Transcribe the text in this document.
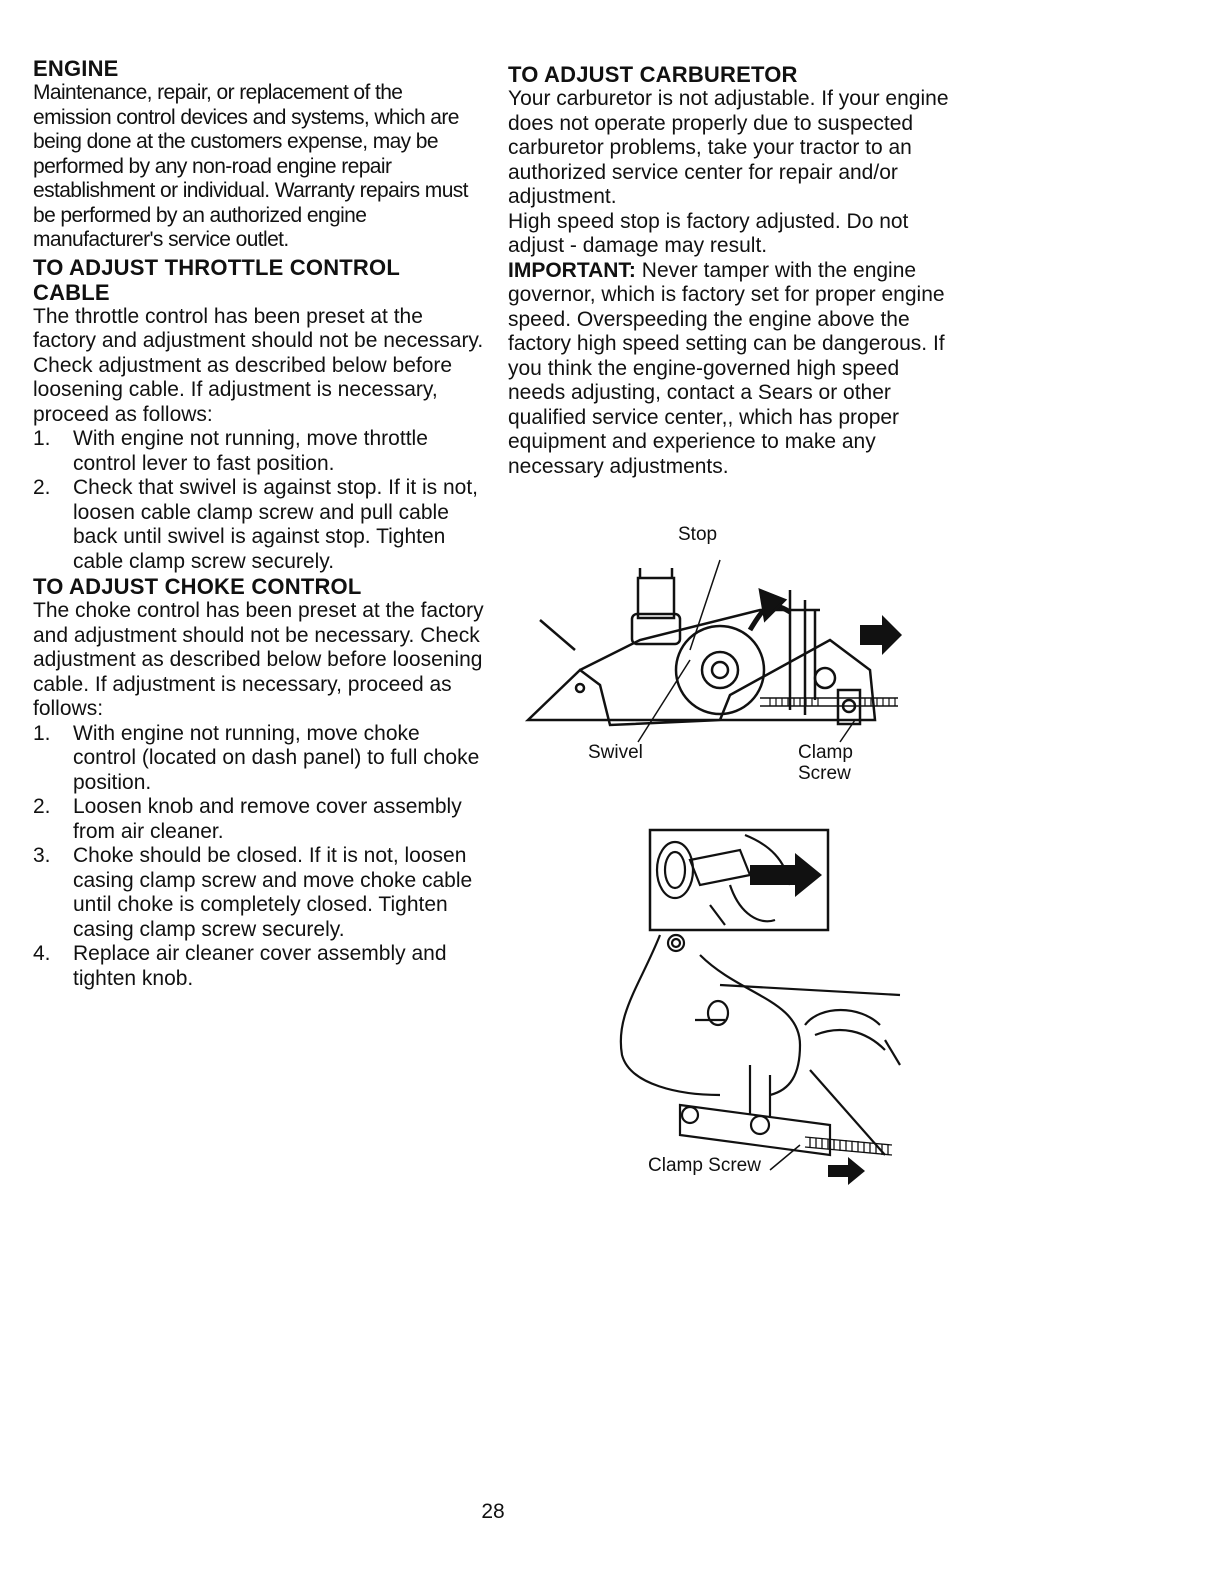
ENGINE

Maintenance, repair, or replacement of the emission control devices and systems, which are being done at the customers expense, may be performed by any non-road engine repair establishment or individual. Warranty repairs must be performed by an authorized engine manufacturer's service outlet.

TO ADJUST THROTTLE CONTROL CABLE

The throttle control has been preset at the factory and adjustment should not be necessary. Check adjustment as described below before loosening cable. If adjustment is necessary, proceed as follows:

1. With engine not running, move throttle control lever to fast position.
2. Check that swivel is against stop. If it is not, loosen cable clamp screw and pull cable back until swivel is against stop. Tighten cable clamp screw securely.
TO ADJUST CHOKE CONTROL

The choke control has been preset at the factory and adjustment should not be necessary. Check adjustment as described below before loosening cable. If adjustment is necessary, proceed as follows:

1. With engine not running, move choke control (located on dash panel) to full choke position.
2. Loosen knob and remove cover assembly from air cleaner.
3. Choke should be closed. If it is not, loosen casing clamp screw and move choke cable until choke is completely closed. Tighten casing clamp screw securely.
4. Replace air cleaner cover assembly and tighten knob.
TO ADJUST CARBURETOR

Your carburetor is not adjustable. If your engine does not operate properly due to suspected carburetor problems, take your tractor to an authorized service center for repair and/or adjustment.

High speed stop is factory adjusted. Do not adjust - damage may result.

IMPORTANT: Never tamper with the engine governor, which is factory set for proper engine speed. Overspeeding the engine above the factory high speed setting can be dangerous. If you think the engine-governed high speed needs adjusting, contact a Sears or other qualified service center,, which has proper equipment and experience to make any necessary adjustments.

Stop
Swivel	Clamp
Screw
Clamp Screw
28
